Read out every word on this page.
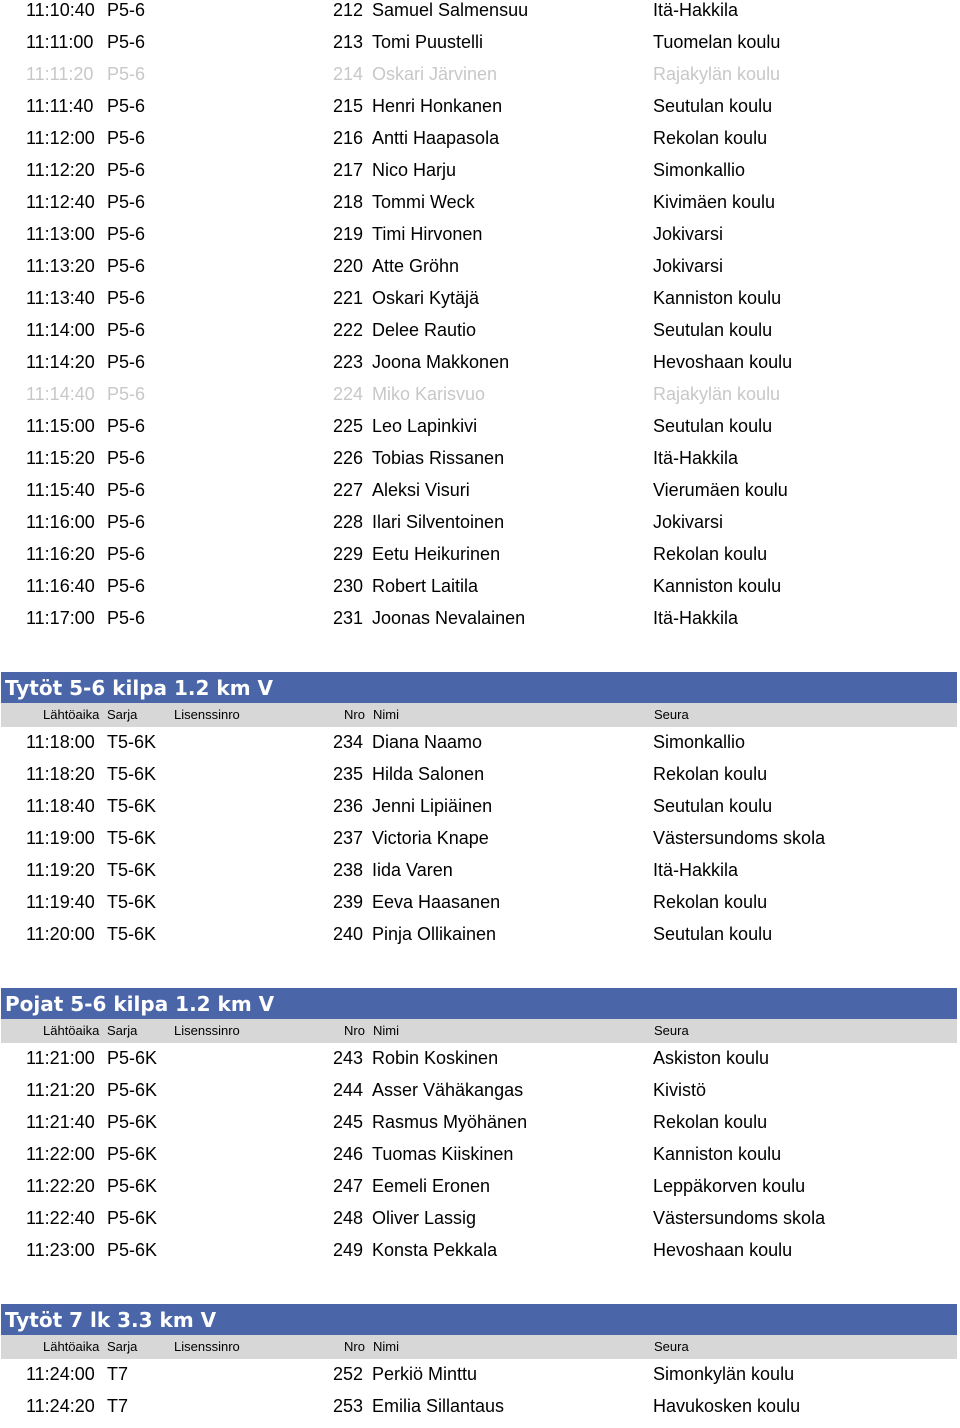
11:10:40 P5-6	212 Samuel Salmensuu	Itä-Hakkila
11:11:00 P5-6	213 Tomi Puustelli	Tuomelan koulu
11:11:20 P5-6	214 Oskari Järvinen	Rajakylän koulu
11:11:40 P5-6	215 Henri Honkanen	Seutulan koulu
11:12:00 P5-6	216 Antti Haapasola	Rekolan koulu
11:12:20 P5-6	217 Nico Harju	Simonkallio
11:12:40 P5-6	218 Tommi Weck	Kivimäen koulu
11:13:00 P5-6	219 Timi Hirvonen	Jokivarsi
11:13:20 P5-6	220 Atte Gröhn	Jokivarsi
11:13:40 P5-6	221 Oskari Kytäjä	Kanniston koulu
11:14:00 P5-6	222 Delee Rautio	Seutulan koulu
11:14:20 P5-6	223 Joona Makkonen	Hevoshaan koulu
11:14:40 P5-6	224 Miko Karisvuo	Rajakylän koulu
11:15:00 P5-6	225 Leo Lapinkivi	Seutulan koulu
11:15:20 P5-6	226 Tobias Rissanen	Itä-Hakkila
11:15:40 P5-6	227 Aleksi Visuri	Vierumäen koulu
11:16:00 P5-6	228 Ilari Silventoinen	Jokivarsi
11:16:20 P5-6	229 Eetu Heikurinen	Rekolan koulu
11:16:40 P5-6	230 Robert Laitila	Kanniston koulu
11:17:00 P5-6	231 Joonas Nevalainen	Itä-Hakkila
Tytöt 5-6 kilpa 1.2 km V
Lähtöaika Sarja	Lisenssinro	Nro Nimi	Seura
11:18:00 T5-6K	234 Diana Naamo	Simonkallio
11:18:20 T5-6K	235 Hilda Salonen	Rekolan koulu
11:18:40 T5-6K	236 Jenni Lipiäinen	Seutulan koulu
11:19:00 T5-6K	237 Victoria Knape	Västersundoms skola
11:19:20 T5-6K	238 Iida Varen	Itä-Hakkila
11:19:40 T5-6K	239 Eeva Haasanen	Rekolan koulu
11:20:00 T5-6K	240 Pinja Ollikainen	Seutulan koulu
Pojat 5-6 kilpa 1.2 km V
Lähtöaika Sarja	Lisenssinro	Nro Nimi	Seura
11:21:00 P5-6K	243 Robin Koskinen	Askiston koulu
11:21:20 P5-6K	244 Asser Vähäkangas	Kivistö
11:21:40 P5-6K	245 Rasmus Myöhänen	Rekolan koulu
11:22:00 P5-6K	246 Tuomas Kiiskinen	Kanniston koulu
11:22:20 P5-6K	247 Eemeli Eronen	Leppäkorven koulu
11:22:40 P5-6K	248 Oliver Lassig	Västersundoms skola
11:23:00 P5-6K	249 Konsta Pekkala	Hevoshaan koulu
Tytöt 7 lk 3.3 km V
Lähtöaika Sarja	Lisenssinro	Nro Nimi	Seura
11:24:00 T7	252 Perkiö Minttu	Simonkylän koulu
11:24:20 T7	253 Emilia Sillantaus	Havukosken koulu
